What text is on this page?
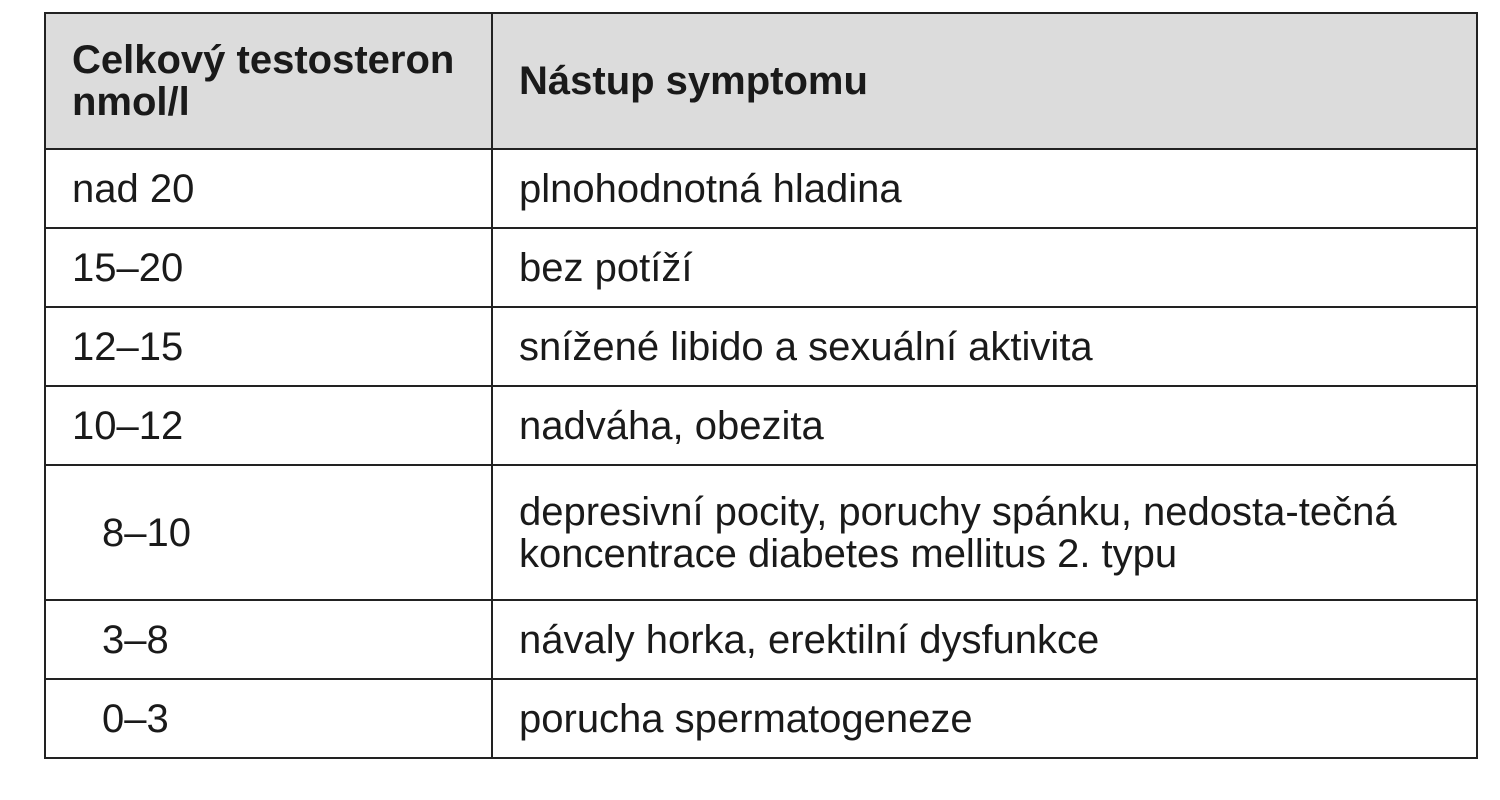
Celkový testosteron nmol/l	Nástup symptomu
nad 20	plnohodnotná hladina
15–20	bez potíží
12–15	snížené libido a sexuální aktivita
10–12	nadváha, obezita
8–10	depresivní pocity, poruchy spánku, nedosta-tečná koncentrace diabetes mellitus 2. typu
3–8	návaly horka, erektilní dysfunkce
0–3	porucha spermatogeneze
